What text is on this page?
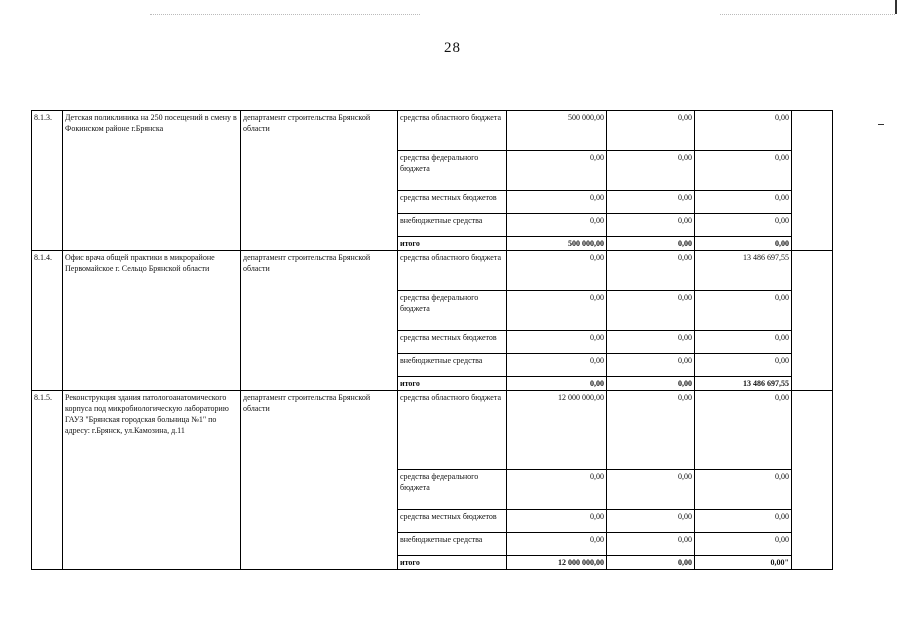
28
8.1.3.	Детская поликлиника на 250 посещений в смену в Фокинском районе г.Брянска	департамент строительства Брянской области	средства областного бюджета	500 000,00	0,00	0,00	
			средства федерального бюджета	0,00	0,00	0,00	
			средства местных бюджетов	0,00	0,00	0,00	
			внебюджетные средства	0,00	0,00	0,00	
			итого	500 000,00	0,00	0,00	
8.1.4.	Офис врача общей практики в микрорайоне Первомайское г. Сельцо Брянской области	департамент строительства Брянской области	средства областного бюджета	0,00	0,00	13 486 697,55	
			средства федерального бюджета	0,00	0,00	0,00	
			средства местных бюджетов	0,00	0,00	0,00	
			внебюджетные средства	0,00	0,00	0,00	
			итого	0,00	0,00	13 486 697,55	
8.1.5.	Реконструкция здания патологоанатомического корпуса под микробиологическую лабораторию ГАУЗ "Брянская городская больница №1" по адресу: г.Брянск, ул.Камозина, д.11	департамент строительства Брянской области	средства областного бюджета	12 000 000,00	0,00	0,00	
			средства федерального бюджета	0,00	0,00	0,00	
			средства местных бюджетов	0,00	0,00	0,00	
			внебюджетные средства	0,00	0,00	0,00	
			итого	12 000 000,00	0,00	0,00"	
